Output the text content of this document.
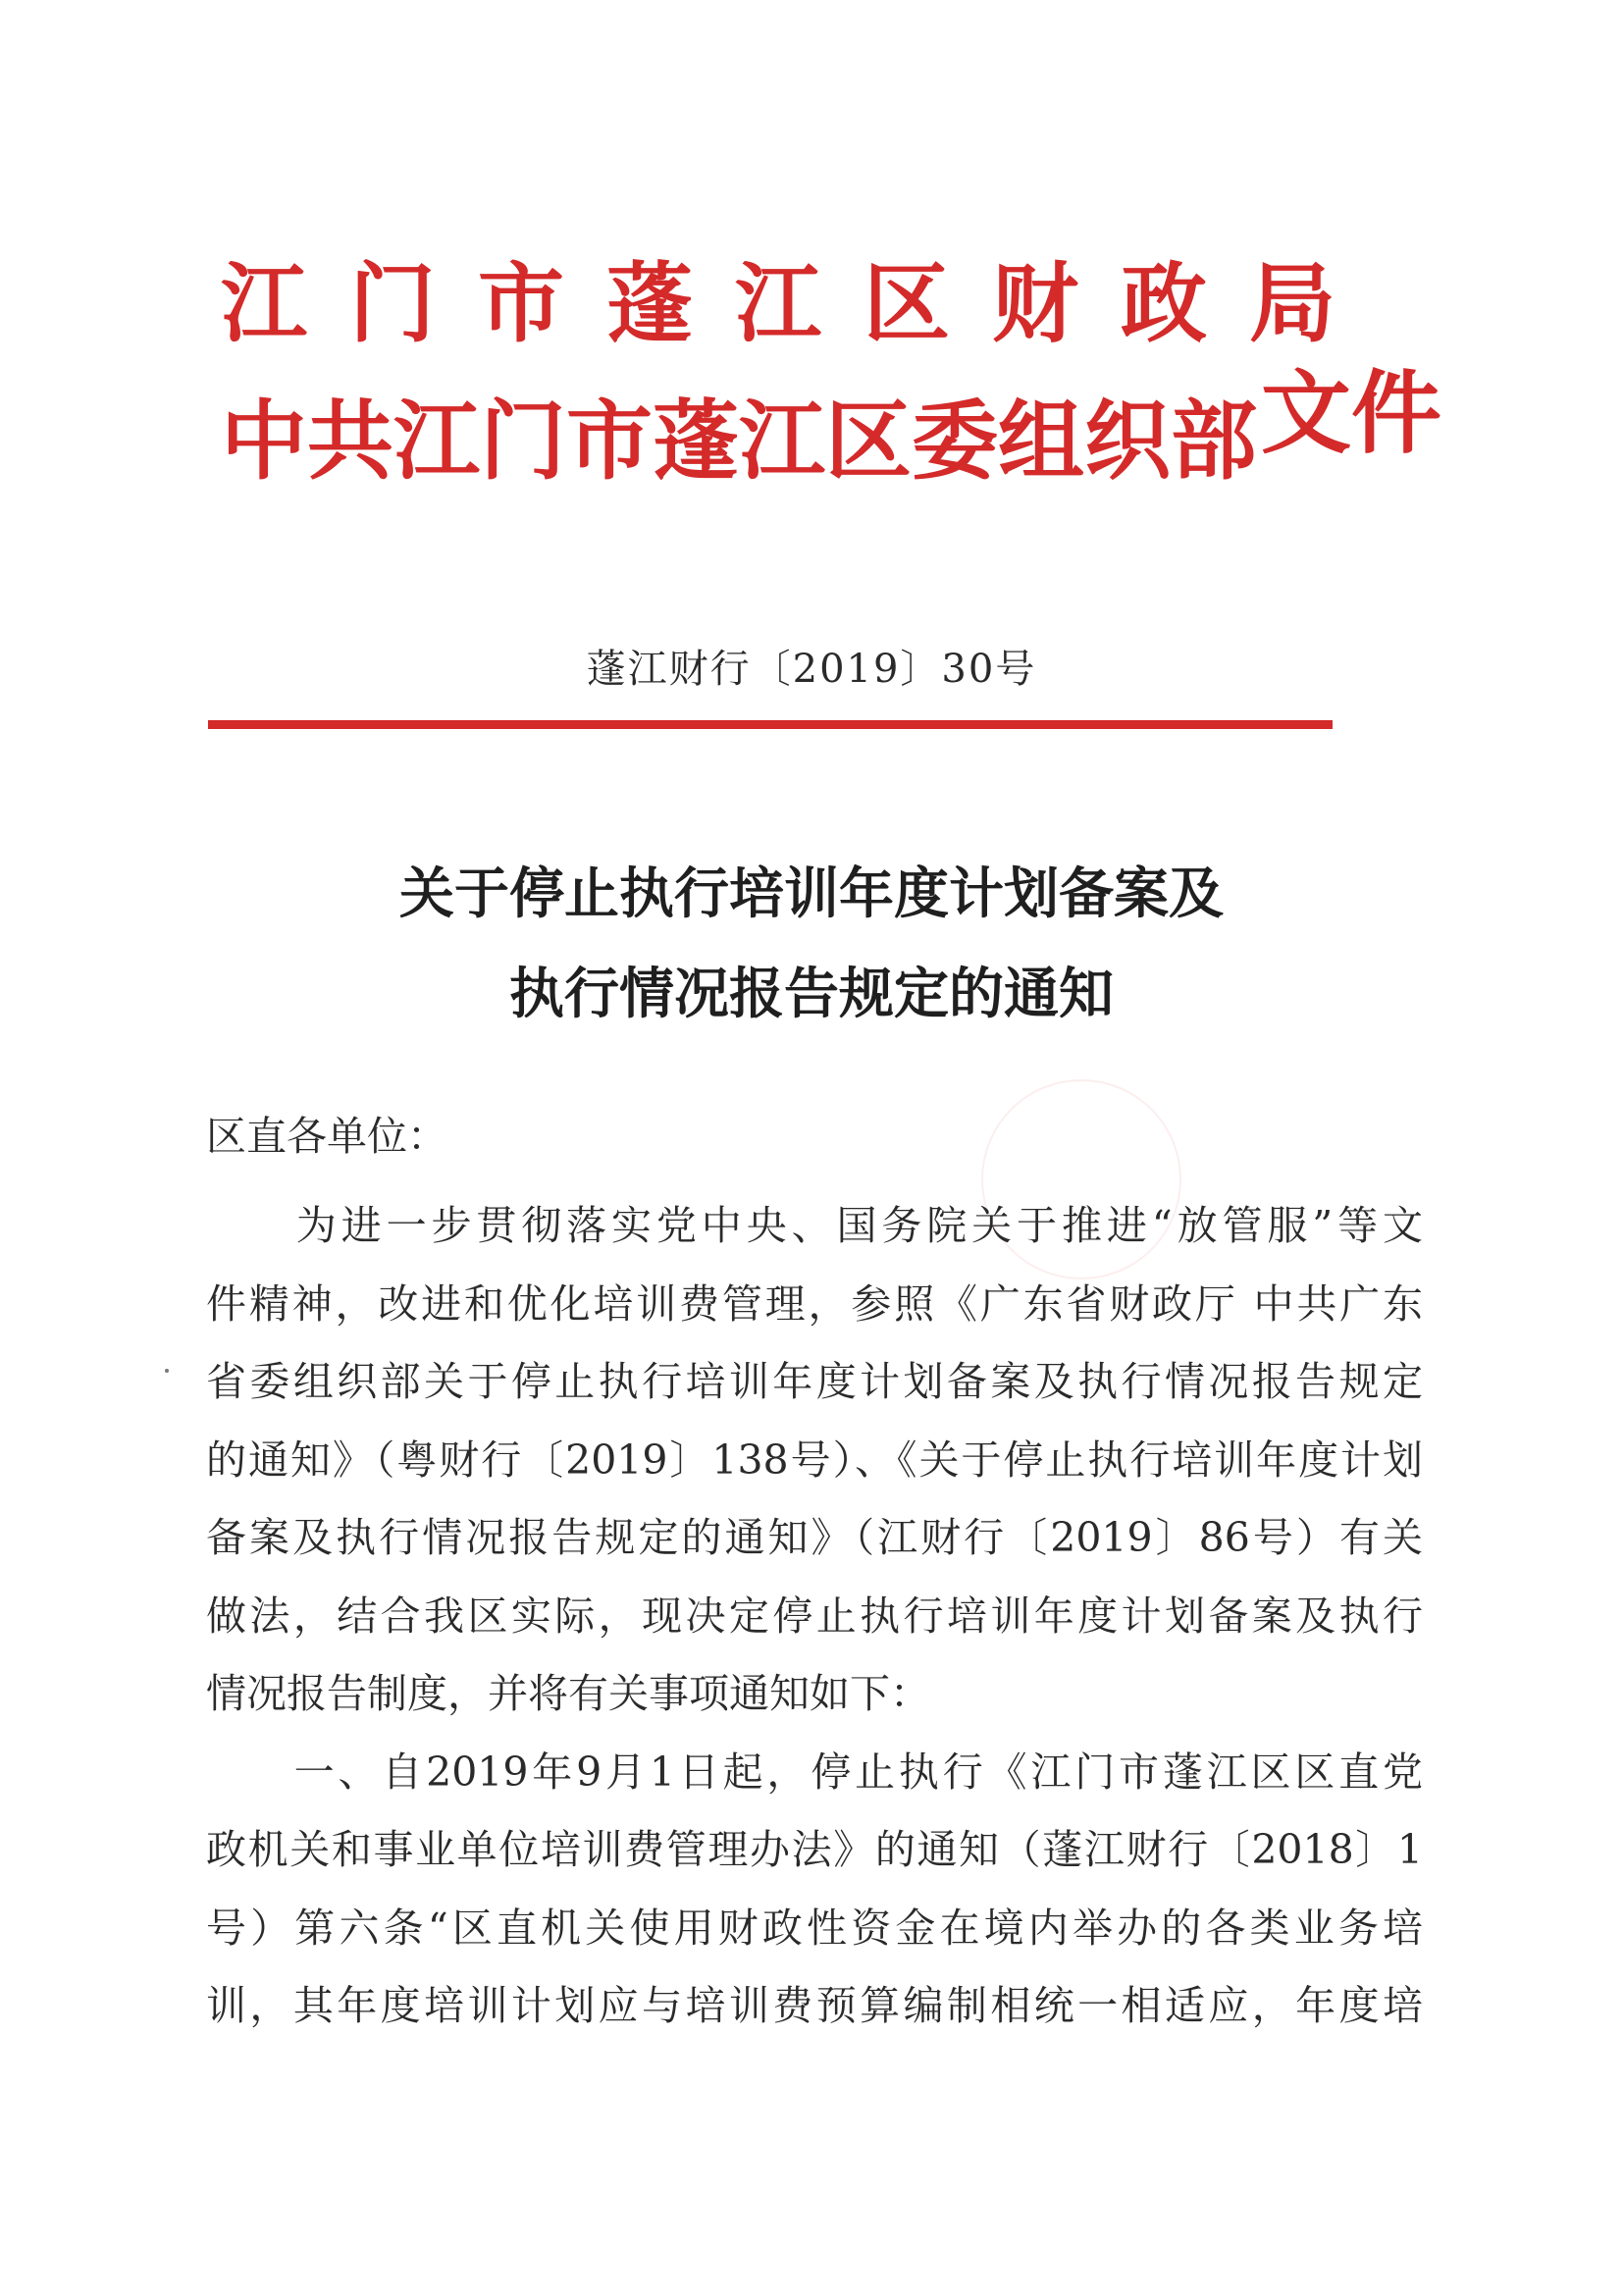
江门市蓬江区财政局
中共江门市蓬江区委组织部 文件
蓬江财行〔2019〕30号
关于停止执行培训年度计划备案及
执行情况报告规定的通知
区直各单位：
　　为进一步贯彻落实党中央、国务院关于推进“放管服”等文
件精神，改进和优化培训费管理，参照《广东省财政厅 中共广东
省委组织部关于停止执行培训年度计划备案及执行情况报告规定
的通知》（粤财行〔2019〕138号）、《关于停止执行培训年度计划
备案及执行情况报告规定的通知》（江财行〔2019〕86号）有关
做法，结合我区实际，现决定停止执行培训年度计划备案及执行
情况报告制度，并将有关事项通知如下：
　　一、自2019年9月1日起，停止执行《江门市蓬江区区直党
政机关和事业单位培训费管理办法》的通知（蓬江财行〔2018〕1
号）第六条“区直机关使用财政性资金在境内举办的各类业务培
训，其年度培训计划应与培训费预算编制相统一相适应，年度培
